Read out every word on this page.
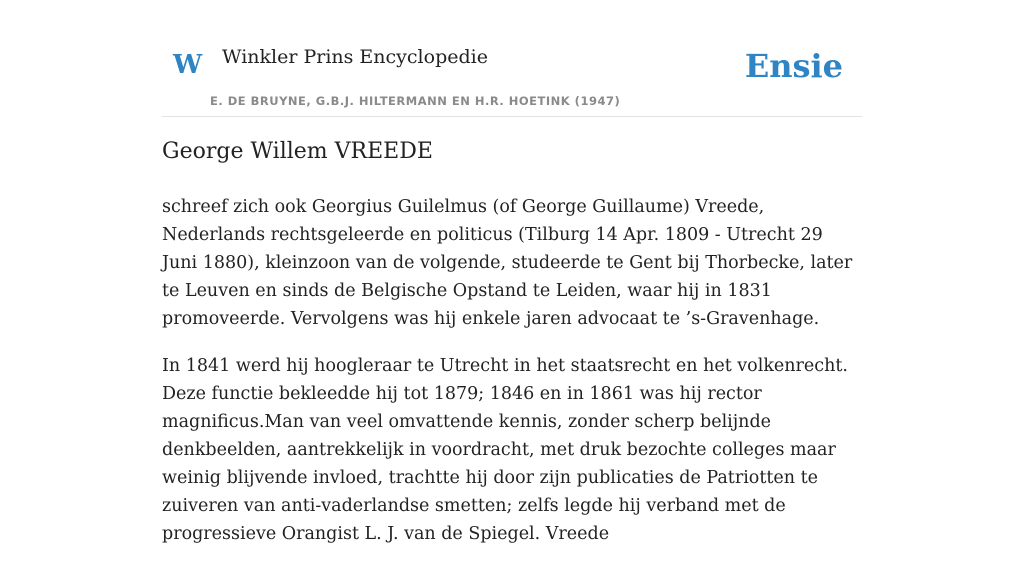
W Winkler Prins Encyclopedie
E. DE BRUYNE, G.B.J. HILTERMANN EN H.R. HOETINK (1947)
Ensie
George Willem VREEDE

schreef zich ook Georgius Guilelmus (of George Guillaume) Vreede, Nederlands rechtsgeleerde en politicus (Tilburg 14 Apr. 1809 - Utrecht 29 Juni 1880), kleinzoon van de volgende, studeerde te Gent bij Thorbecke, later te Leuven en sinds de Belgische Opstand te Leiden, waar hij in 1831 promoveerde. Vervolgens was hij enkele jaren advocaat te ’s-Gravenhage.

In 1841 werd hij hoogleraar te Utrecht in het staatsrecht en het volkenrecht. Deze functie bekleedde hij tot 1879; 1846 en in 1861 was hij rector magnificus.Man van veel omvattende kennis, zonder scherp belijnde denkbeelden, aantrekkelijk in voordracht, met druk bezochte colleges maar weinig blijvende invloed, trachtte hij door zijn publicaties de Patriotten te zuiveren van anti-vaderlandse smetten; zelfs legde hij verband met de progressieve Orangist L. J. van de Spiegel. Vreede
